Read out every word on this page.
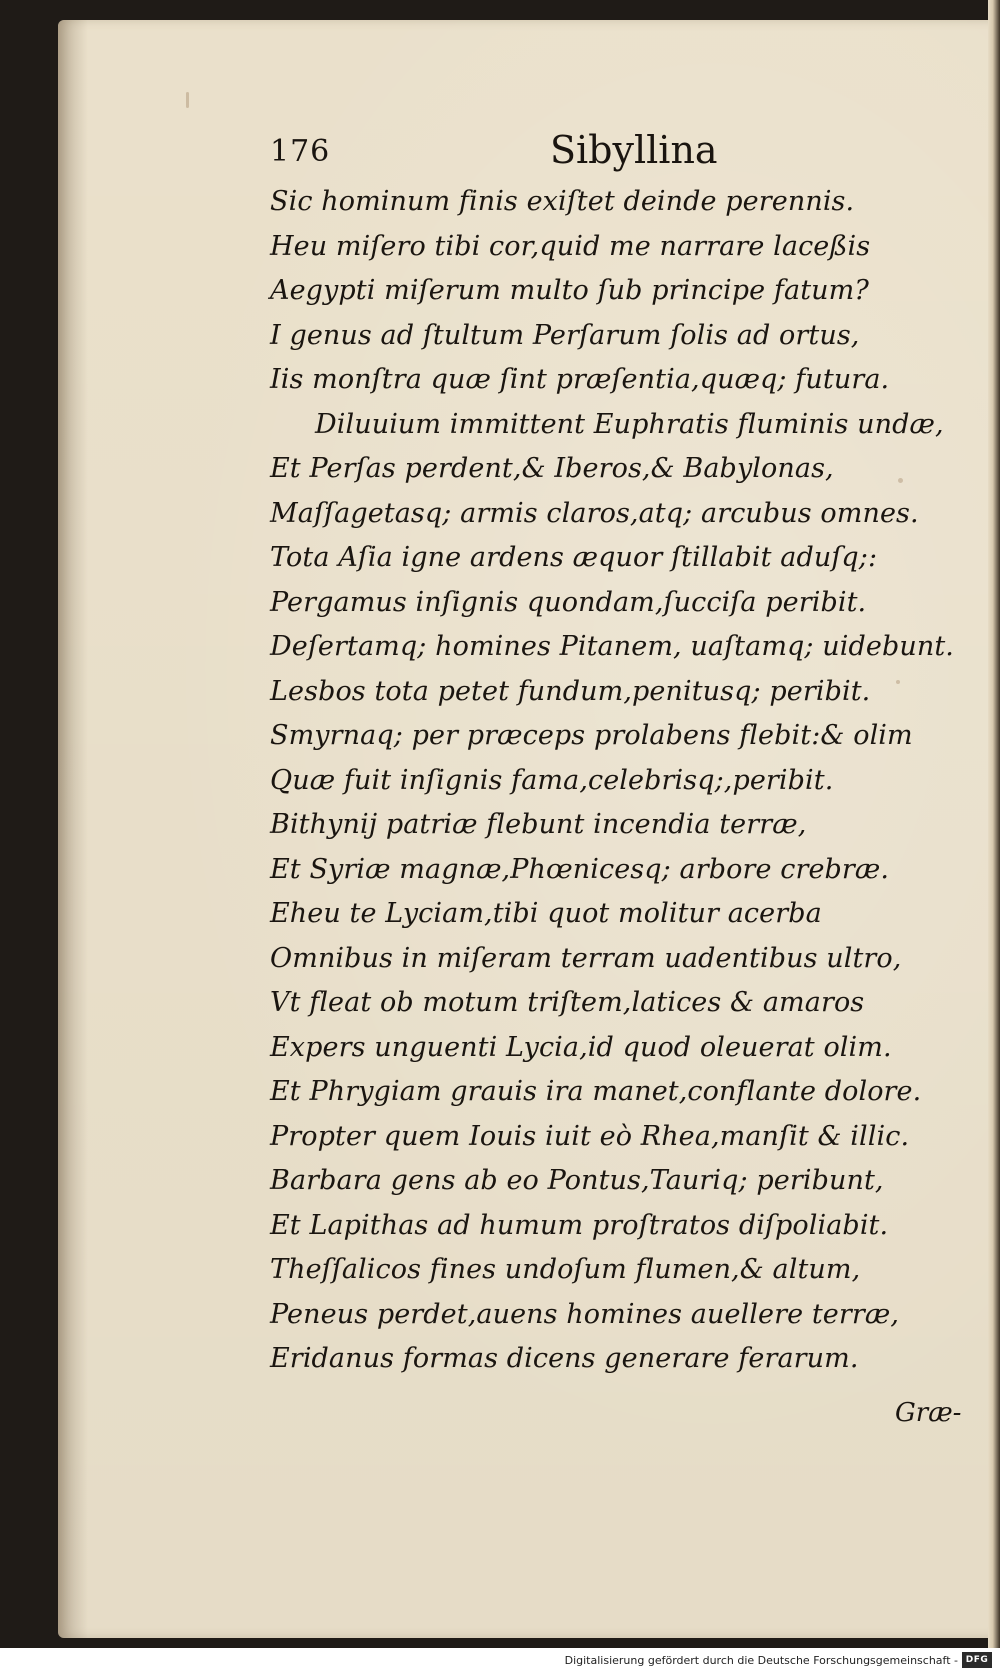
176	Sibyllina
Sic hominum finis exiſtet deinde perennis.
Heu miſero tibi cor,quid me narrare laceßis
Aegypti miſerum multo ſub principe fatum?
I genus ad ſtultum Perſarum ſolis ad ortus,
Iis monſtra quæ ſint præſentia,quæq; futura.
Diluuium immittent Euphratis fluminis undæ,
Et Perſas perdent,& Iberos,& Babylonas,
Maſſagetasq; armis claros,atq; arcubus omnes.
Tota Aſia igne ardens æquor ſtillabit aduſq;:
Pergamus inſignis quondam,ſucciſa peribit.
Deſertamq; homines Pitanem, uaſtamq; uidebunt.
Lesbos tota petet fundum,penitusq; peribit.
Smyrnaq; per præceps prolabens flebit:& olim
Quæ fuit inſignis fama,celebrisq;,peribit.
Bithynij patriæ flebunt incendia terræ,
Et Syriæ magnæ,Phœnicesq; arbore crebræ.
Eheu te Lyciam,tibi quot molitur acerba
Omnibus in miſeram terram uadentibus ultro,
Vt fleat ob motum triſtem,latices & amaros
Expers unguenti Lycia,id quod oleuerat olim.
Et Phrygiam grauis ira manet,conflante dolore.
Propter quem Iouis iuit eò Rhea,manſit & illic.
Barbara gens ab eo Pontus,Tauriq; peribunt,
Et Lapithas ad humum proſtratos diſpoliabit.
Theſſalicos fines undoſum flumen,& altum,
Peneus perdet,auens homines auellere terræ,
Eridanus formas dicens generare ferarum.
Græ-
Digitalisierung gefördert durch die Deutsche Forschungsgemeinschaft - DFG
